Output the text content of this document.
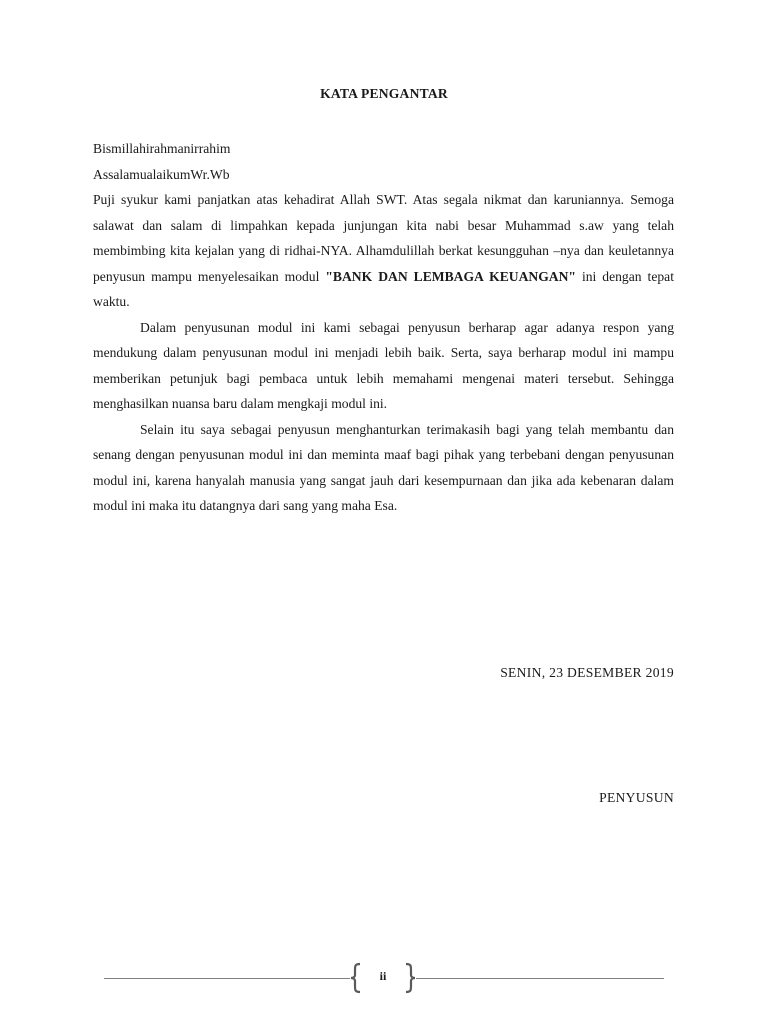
KATA PENGANTAR

Bismillahirahmanirrahim

AssalamualaikumWr.Wb

Puji syukur kami panjatkan atas kehadirat Allah SWT. Atas segala nikmat dan karuniannya. Semoga salawat dan salam di limpahkan kepada junjungan kita nabi besar Muhammad s.aw yang telah membimbing kita kejalan yang di ridhai-NYA. Alhamdulillah berkat kesungguhan –nya dan keuletannya penyusun mampu menyelesaikan modul "BANK DAN LEMBAGA KEUANGAN" ini dengan tepat waktu.

Dalam penyusunan modul ini kami sebagai penyusun berharap agar adanya respon yang mendukung dalam penyusunan modul ini menjadi lebih baik. Serta, saya berharap modul ini mampu memberikan petunjuk bagi pembaca untuk lebih memahami mengenai materi tersebut. Sehingga menghasilkan nuansa baru dalam mengkaji modul ini.

Selain itu saya sebagai penyusun menghanturkan terimakasih bagi yang telah membantu dan senang dengan penyusunan modul ini dan meminta maaf bagi pihak yang terbebani dengan penyusunan modul ini, karena hanyalah manusia yang sangat jauh dari kesempurnaan dan jika ada kebenaran dalam modul ini maka itu datangnya dari sang yang maha Esa.

SENIN, 23 DESEMBER 2019
PENYUSUN
ii
